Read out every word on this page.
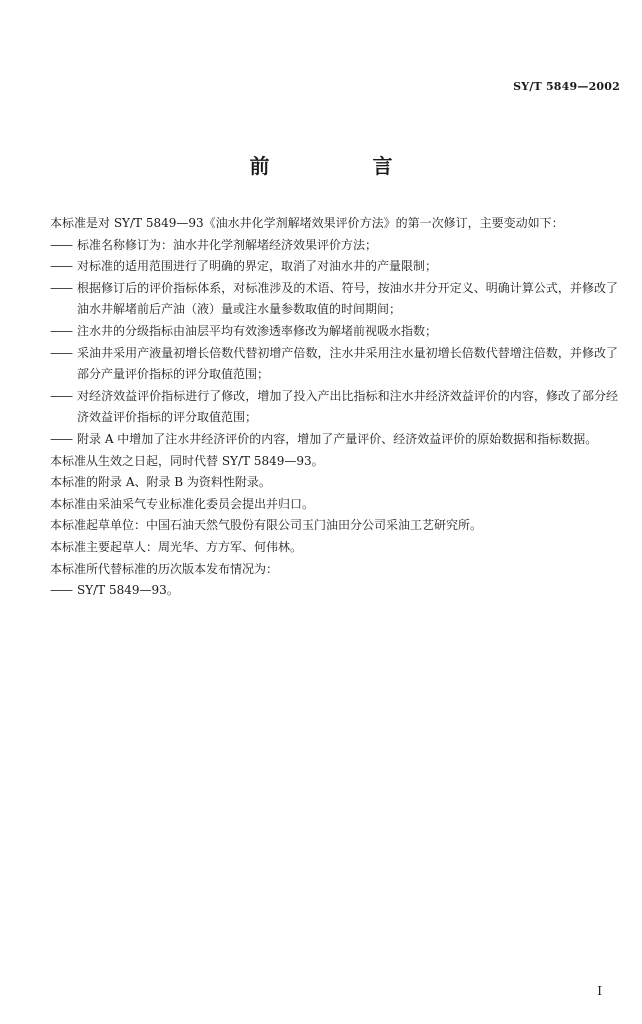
SY/T 5849—2002
前 言

本标准是对 SY/T 5849—93《油水井化学剂解堵效果评价方法》的第一次修订，主要变动如下：

—— 标准名称修订为：油水井化学剂解堵经济效果评价方法；

—— 对标准的适用范围进行了明确的界定，取消了对油水井的产量限制；

—— 根据修订后的评价指标体系，对标准涉及的术语、符号，按油水井分开定义、明确计算公式，并修改了油水井解堵前后产油（液）量或注水量参数取值的时间期间；

—— 注水井的分级指标由油层平均有效渗透率修改为解堵前视吸水指数；

—— 采油井采用产液量初增长倍数代替初增产倍数，注水井采用注水量初增长倍数代替增注倍数，并修改了部分产量评价指标的评分取值范围；

—— 对经济效益评价指标进行了修改，增加了投入产出比指标和注水井经济效益评价的内容，修改了部分经济效益评价指标的评分取值范围；

—— 附录 A 中增加了注水井经济评价的内容，增加了产量评价、经济效益评价的原始数据和指标数据。

本标准从生效之日起，同时代替 SY/T 5849—93。

本标准的附录 A、附录 B 为资料性附录。

本标准由采油采气专业标准化委员会提出并归口。

本标准起草单位：中国石油天然气股份有限公司玉门油田分公司采油工艺研究所。

本标准主要起草人：周光华、方方军、何伟林。

本标准所代替标准的历次版本发布情况为：

—— SY/T 5849—93。

I
